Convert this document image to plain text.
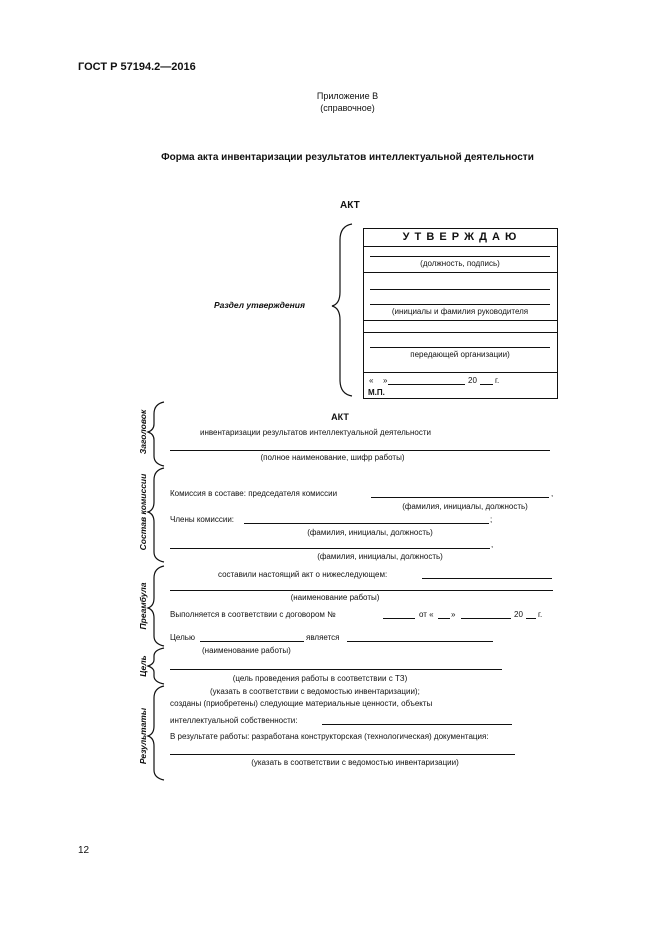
ГОСТ Р 57194.2—2016
Приложение В
(справочное)
Форма акта инвентаризации результатов интеллектуальной деятельности
АКТ
У Т В Е Р Ж Д А Ю
(должность, подпись)
(инициалы и фамилия руководителя
передающей организации)
« »	20 г.
М.П.
Раздел утверждения
Заголовок
Состав комиссии
Преамбула
Цель
Результаты
АКТ
инвентаризации результатов интеллектуальной деятельности
(полное наименование, шифр работы)
Комиссия в составе: председателя комиссии	,
(фамилия, инициалы, должность)
Члены комиссии:	;
(фамилия, инициалы, должность)
,
(фамилия, инициалы, должность)
составили настоящий акт о нижеследующем:
(наименование работы)
Выполняется в соответствии с договором №	от « »	20 г.
Целью	является
(наименование работы)
(цель проведения работы в соответствии с ТЗ)
(указать в соответствии с ведомостью инвентаризации);
созданы (приобретены) следующие материальные ценности, объекты
интеллектуальной собственности:
В результате работы: разработана конструкторская (технологическая) документация:
(указать в соответствии с ведомостью инвентаризации)
12
